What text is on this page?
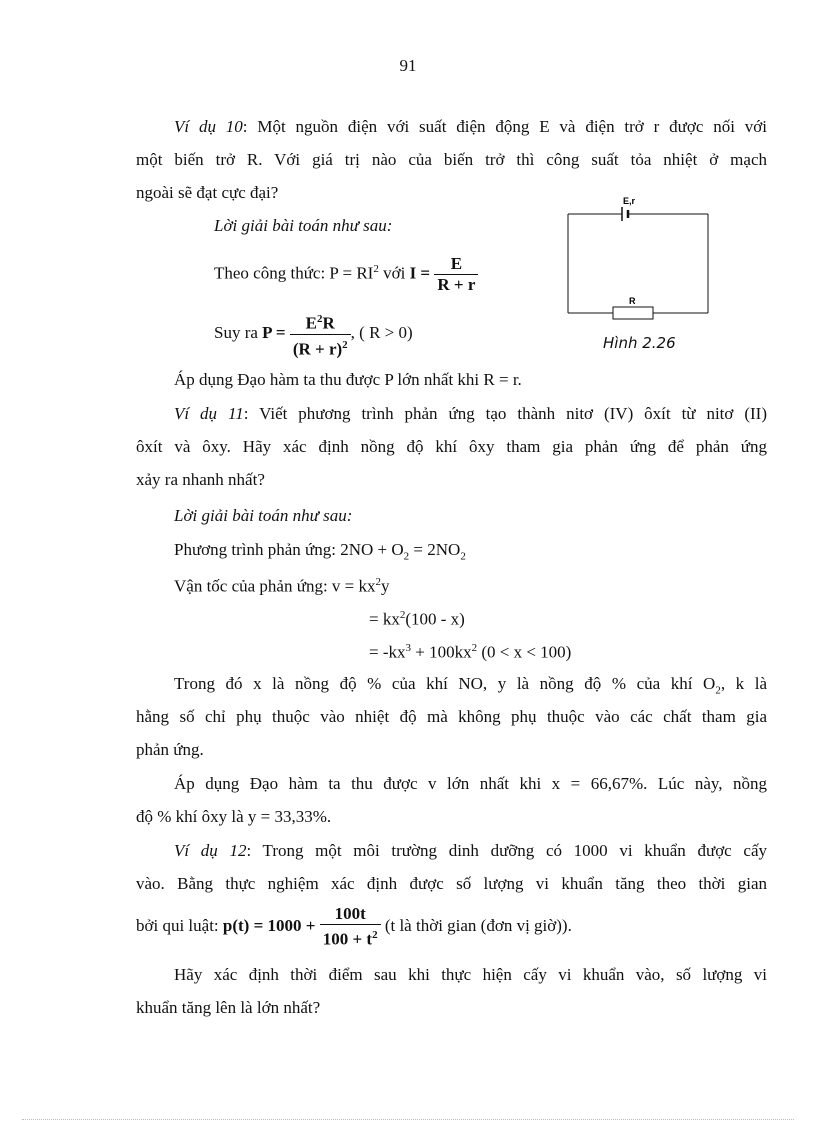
91
Ví dụ 10: Một nguồn điện với suất điện động E và điện trở r được nối với
một biến trở R. Với giá trị nào của biến trở thì công suất tỏa nhiệt ở mạch
ngoài sẽ đạt cực đại?
Lời giải bài toán như sau:
Theo công thức: $P = RI^2$ với $I = \frac{E}{R + r}$
Suy ra $P = \frac{E^2R}{(R + r)^2}$ , ( R > 0)
E,r
R
Hình 2.26
Áp dụng Đạo hàm ta thu được P lớn nhất khi R = r.
Ví dụ 11: Viết phương trình phản ứng tạo thành nitơ (IV) ôxít từ nitơ (II)
ôxít và ôxy. Hãy xác định nồng độ khí ôxy tham gia phản ứng để phản ứng
xảy ra nhanh nhất?
Lời giải bài toán như sau:
Phương trình phản ứng: $2NO + O_2 = 2NO_2$
Vận tốc của phản ứng: $v = kx^2y$
= $kx^2(100 - x)$
= $-kx^3 + 100kx^2$ (0 < x < 100)
Trong đó x là nồng độ % của khí NO, y là nồng độ % của khí $O_2$, k là
hằng số chỉ phụ thuộc vào nhiệt độ mà không phụ thuộc vào các chất tham gia
phản ứng.
Áp dụng Đạo hàm ta thu được v lớn nhất khi x = 66,67%. Lúc này, nồng
độ % khí ôxy là y = 33,33%.
Ví dụ 12: Trong một môi trường dinh dưỡng có 1000 vi khuẩn được cấy
vào. Bằng thực nghiệm xác định được số lượng vi khuẩn tăng theo thời gian
bởi qui luật: $p(t) = 1000 + \frac{100t}{100 + t^2} (t$ là thời gian (đơn vị giờ)).
Hãy xác định thời điểm sau khi thực hiện cấy vi khuẩn vào, số lượng vi
khuẩn tăng lên là lớn nhất?
